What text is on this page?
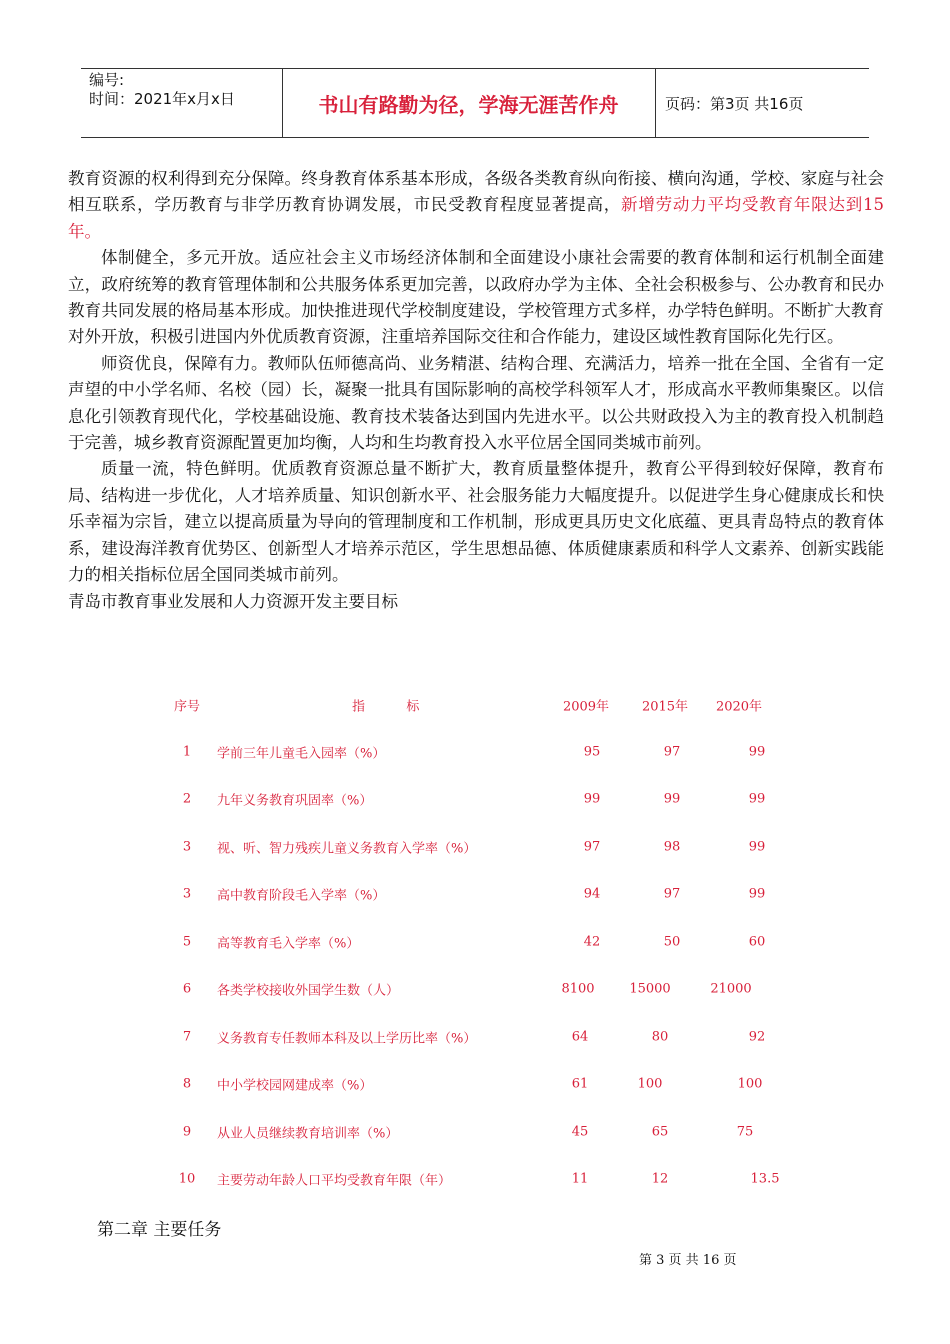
编号:
时间：2021年x月x日	书山有路勤为径，学海无涯苦作舟	页码：第3页 共16页

教育资源的权利得到充分保障。终身教育体系基本形成，各级各类教育纵向衔接、横向沟通，学校、家庭与社会相互联系，学历教育与非学历教育协调发展，市民受教育程度显著提高，新增劳动力平均受教育年限达到15 年。

体制健全，多元开放。适应社会主义市场经济体制和全面建设小康社会需要的教育体制和运行机制全面建立，政府统筹的教育管理体制和公共服务体系更加完善，以政府办学为主体、全社会积极参与、公办教育和民办教育共同发展的格局基本形成。加快推进现代学校制度建设，学校管理方式多样，办学特色鲜明。不断扩大教育对外开放，积极引进国内外优质教育资源，注重培养国际交往和合作能力，建设区域性教育国际化先行区。

师资优良，保障有力。教师队伍师德高尚、业务精湛、结构合理、充满活力，培养一批在全国、全省有一定声望的中小学名师、名校（园）长，凝聚一批具有国际影响的高校学科领军人才，形成高水平教师集聚区。以信息化引领教育现代化，学校基础设施、教育技术装备达到国内先进水平。以公共财政投入为主的教育投入机制趋于完善，城乡教育资源配置更加均衡，人均和生均教育投入水平位居全国同类城市前列。

质量一流，特色鲜明。优质教育资源总量不断扩大，教育质量整体提升，教育公平得到较好保障，教育布局、结构进一步优化，人才培养质量、知识创新水平、社会服务能力大幅度提升。以促进学生身心健康成长和快乐幸福为宗旨，建立以提高质量为导向的管理制度和工作机制，形成更具历史文化底蕴、更具青岛特点的教育体系，建设海洋教育优势区、创新型人才培养示范区，学生思想品德、体质健康素质和科学人文素养、创新实践能力的相关指标位居全国同类城市前列。

青岛市教育事业发展和人力资源开发主要目标

序号	指          标	2009年	2015年 2020年
1 学前三年儿童毛入园率（%）	95	97	99
2 九年义务教育巩固率（%）	99	99	99
3 视、听、智力残疾儿童义务教育入学率（%）	97	98	99
3 高中教育阶段毛入学率（%）	94	97	99
5 高等教育毛入学率（%）	42	50	60
6 各类学校接收外国学生数（人）	8100	15000	21000
7 义务教育专任教师本科及以上学历比率（%）	64	80	92
8 中小学校园网建成率（%）	61	100	100
9 从业人员继续教育培训率（%）	45	65	75
10 主要劳动年龄人口平均受教育年限（年）	11	12	13.5
第二章 主要任务
第 3 页 共 16 页
